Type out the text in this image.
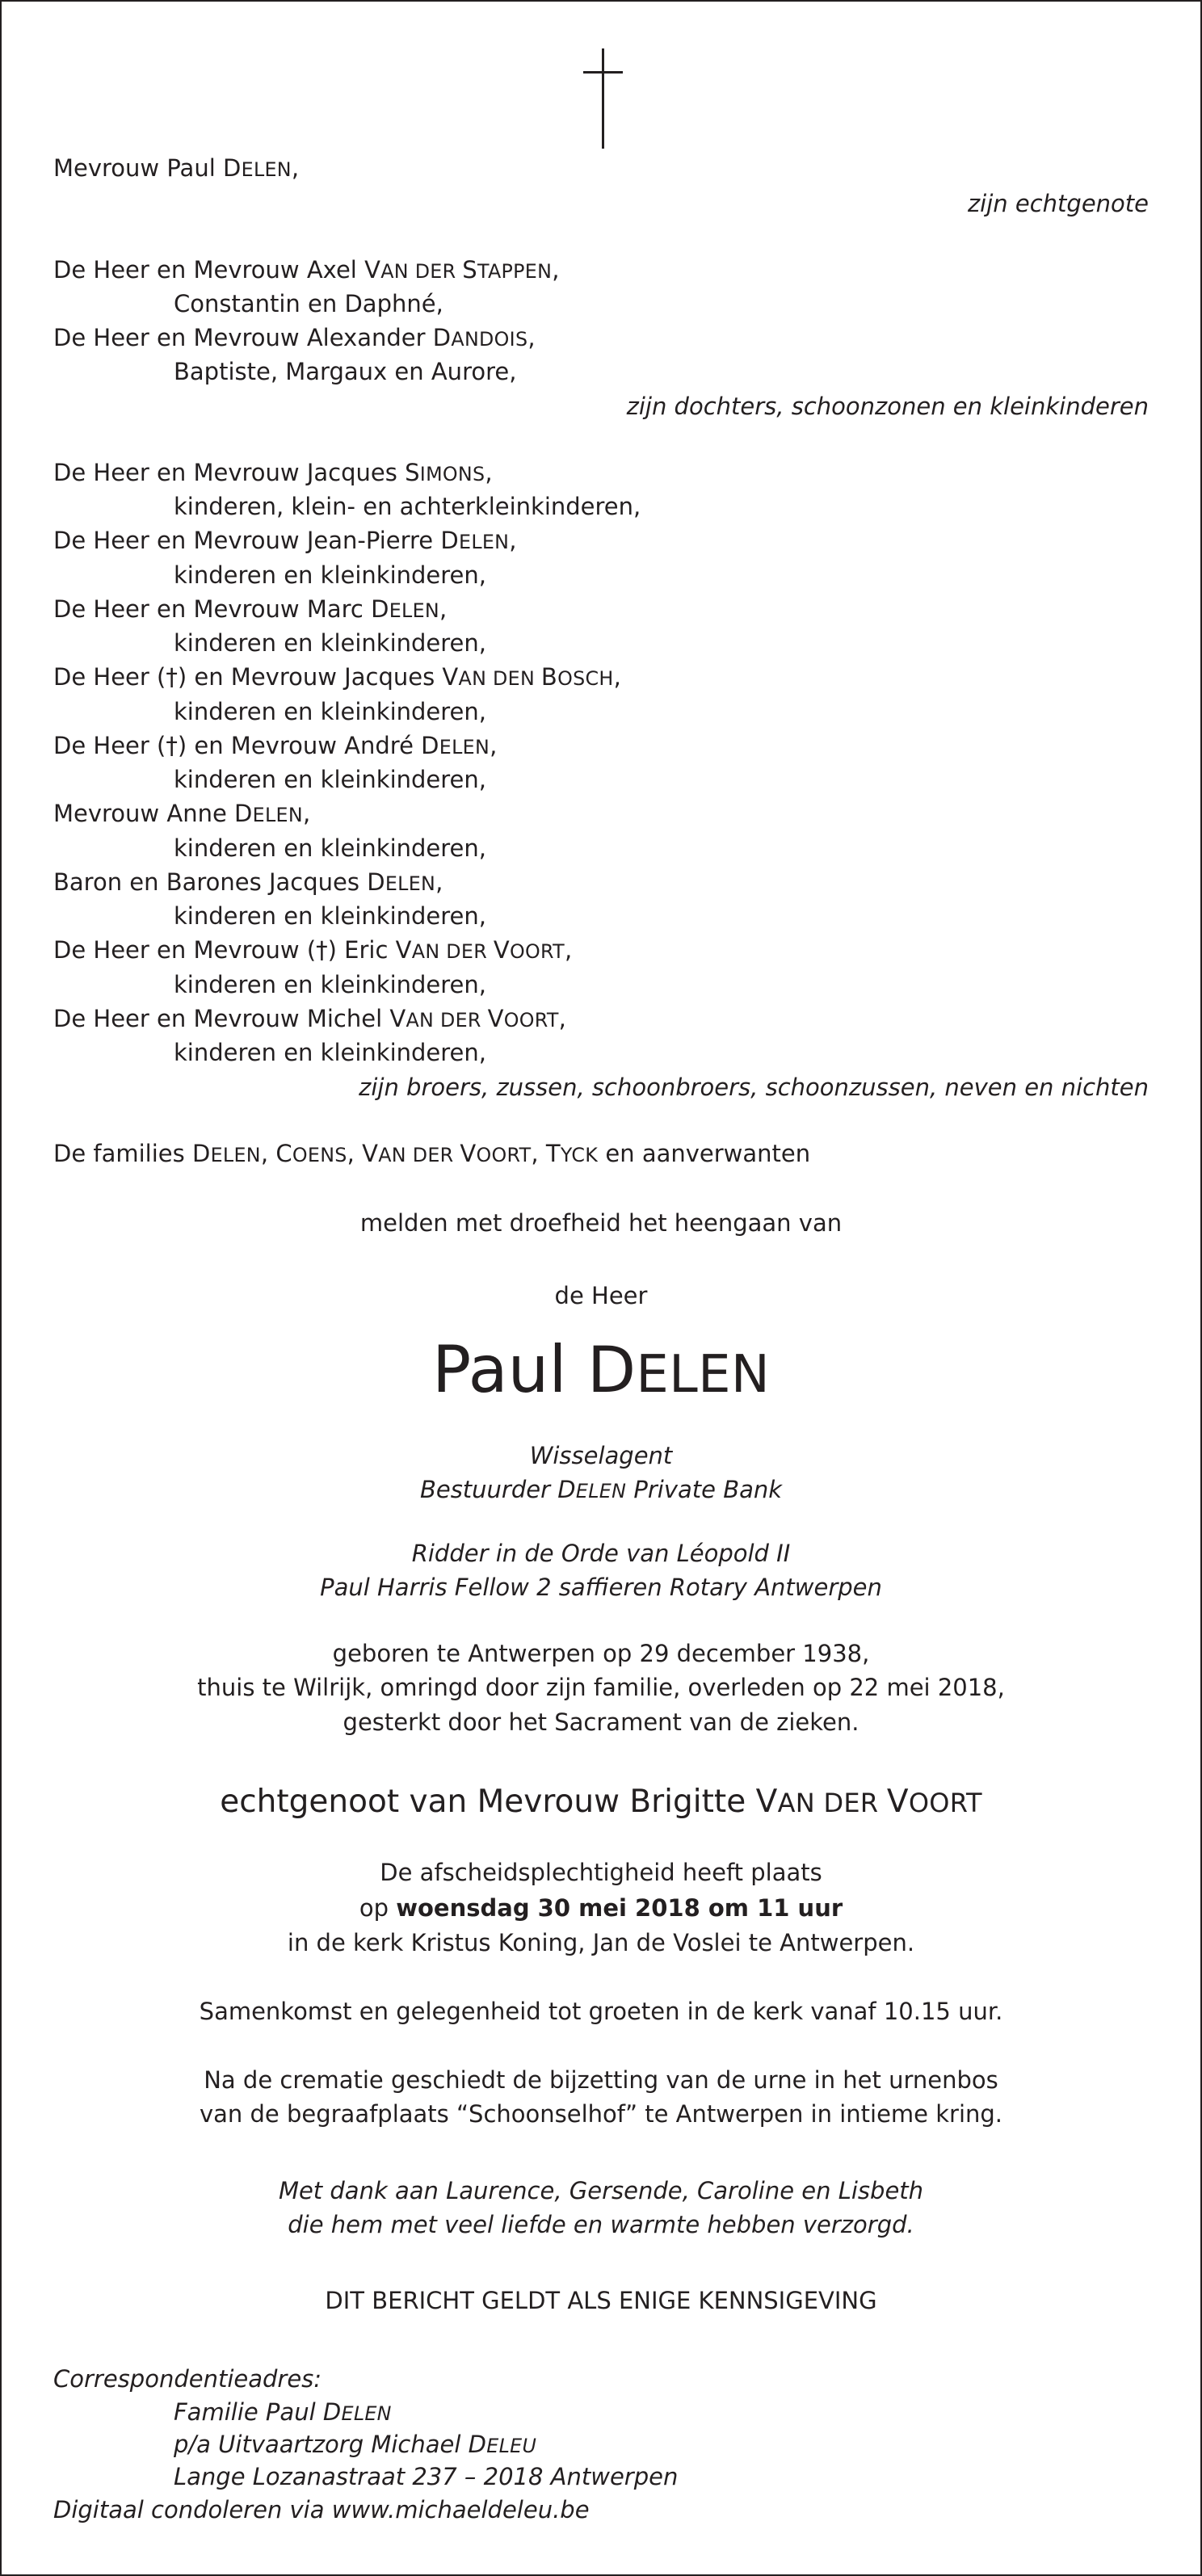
Mevrouw Paul DELEN,
zijn echtgenote
De Heer en Mevrouw Axel VAN DER STAPPEN,
Constantin en Daphné,
De Heer en Mevrouw Alexander DANDOIS,
Baptiste, Margaux en Aurore,
zijn dochters, schoonzonen en kleinkinderen
De Heer en Mevrouw Jacques SIMONS,
kinderen, klein- en achterkleinkinderen,
De Heer en Mevrouw Jean-Pierre DELEN,
kinderen en kleinkinderen,
De Heer en Mevrouw Marc DELEN,
kinderen en kleinkinderen,
De Heer (†) en Mevrouw Jacques VAN DEN BOSCH,
kinderen en kleinkinderen,
De Heer (†) en Mevrouw André DELEN,
kinderen en kleinkinderen,
Mevrouw Anne DELEN,
kinderen en kleinkinderen,
Baron en Barones Jacques DELEN,
kinderen en kleinkinderen,
De Heer en Mevrouw (†) Eric VAN DER VOORT,
kinderen en kleinkinderen,
De Heer en Mevrouw Michel VAN DER VOORT,
kinderen en kleinkinderen,
zijn broers, zussen, schoonbroers, schoonzussen, neven en nichten
De families DELEN, COENS, VAN DER VOORT, TYCK en aanverwanten
melden met droefheid het heengaan van
de Heer
Paul DELEN
Wisselagent
Bestuurder DELEN Private Bank
Ridder in de Orde van Léopold II
Paul Harris Fellow 2 saffieren Rotary Antwerpen
geboren te Antwerpen op 29 december 1938,
thuis te Wilrijk, omringd door zijn familie, overleden op 22 mei 2018,
gesterkt door het Sacrament van de zieken.
echtgenoot van Mevrouw Brigitte VAN DER VOORT
De afscheidsplechtigheid heeft plaats
op woensdag 30 mei 2018 om 11 uur
in de kerk Kristus Koning, Jan de Voslei te Antwerpen.
Samenkomst en gelegenheid tot groeten in de kerk vanaf 10.15 uur.
Na de crematie geschiedt de bijzetting van de urne in het urnenbos
van de begraafplaats “Schoonselhof” te Antwerpen in intieme kring.
Met dank aan Laurence, Gersende, Caroline en Lisbeth
die hem met veel liefde en warmte hebben verzorgd.
DIT BERICHT GELDT ALS ENIGE KENNSIGEVING
Correspondentieadres:
Familie Paul DELEN
p/a Uitvaartzorg Michael DELEU
Lange Lozanastraat 237 – 2018 Antwerpen
Digitaal condoleren via www.michaeldeleu.be
